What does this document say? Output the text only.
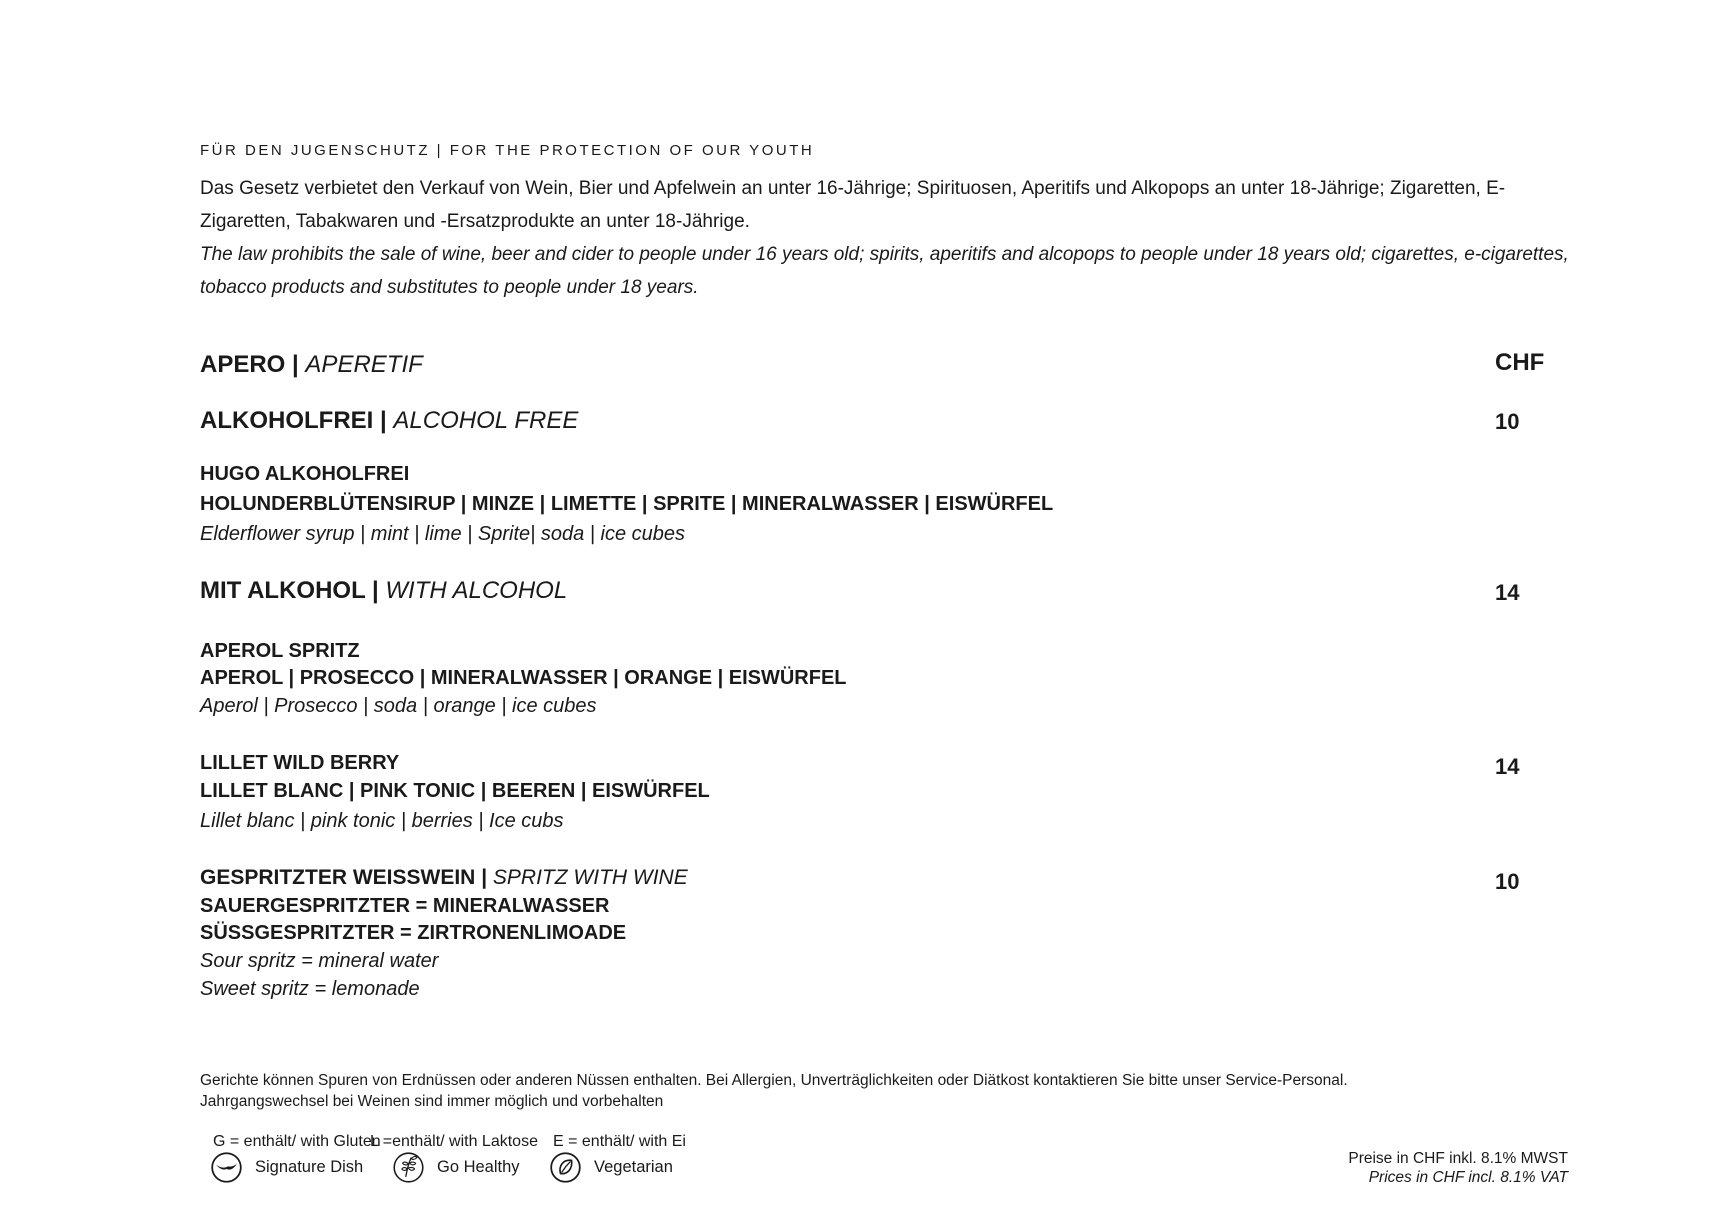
FÜR DEN JUGENSCHUTZ | FOR THE PROTECTION OF OUR YOUTH

Das Gesetz verbietet den Verkauf von Wein, Bier und Apfelwein an unter 16-Jährige; Spirituosen, Aperitifs und Alkopops an unter 18-Jährige; Zigaretten, E-Zigaretten, Tabakwaren und -Ersatzprodukte an unter 18-Jährige.

The law prohibits the sale of wine, beer and cider to people under 16 years old; spirits, aperitifs and alcopops to people under 18 years old; cigarettes, e-cigarettes, tobacco products and substitutes to people under 18 years.

APERO | APERETIF	CHF
ALKOHOLFREI | ALCOHOL FREE	10
HUGO ALKOHOLFREI
HOLUNDERBLÜTENSIRUP | MINZE | LIMETTE | SPRITE | MINERALWASSER | EISWÜRFEL
Elderflower syrup | mint | lime | Sprite| soda | ice cubes
MIT ALKOHOL | WITH ALCOHOL	14
APEROL SPRITZ
APEROL | PROSECCO | MINERALWASSER | ORANGE | EISWÜRFEL
Aperol | Prosecco | soda | orange | ice cubes
LILLET WILD BERRY	14
LILLET BLANC | PINK TONIC | BEEREN | EISWÜRFEL
Lillet blanc | pink tonic | berries | Ice cubs
GESPRITZTER WEISSWEIN | SPRITZ WITH WINE	10
SAUERGESPRITZTER = MINERALWASSER
SÜSSGESPRITZTER = ZIRTRONENLIMOADE
Sour spritz = mineral water
Sweet spritz = lemonade
Gerichte können Spuren von Erdnüssen oder anderen Nüssen enthalten. Bei Allergien, Unverträglichkeiten oder Diätkost kontaktieren Sie bitte unser Service-Personal.
Jahrgangswechsel bei Weinen sind immer möglich und vorbehalten
G = enthält/ with Gluten
L =enthält/ with Laktose E = enthält/ with Ei
Signature Dish	Go Healthy	Vegetarian	Preise in CHF inkl. 8.1% MWST
Prices in CHF incl. 8.1% VAT
